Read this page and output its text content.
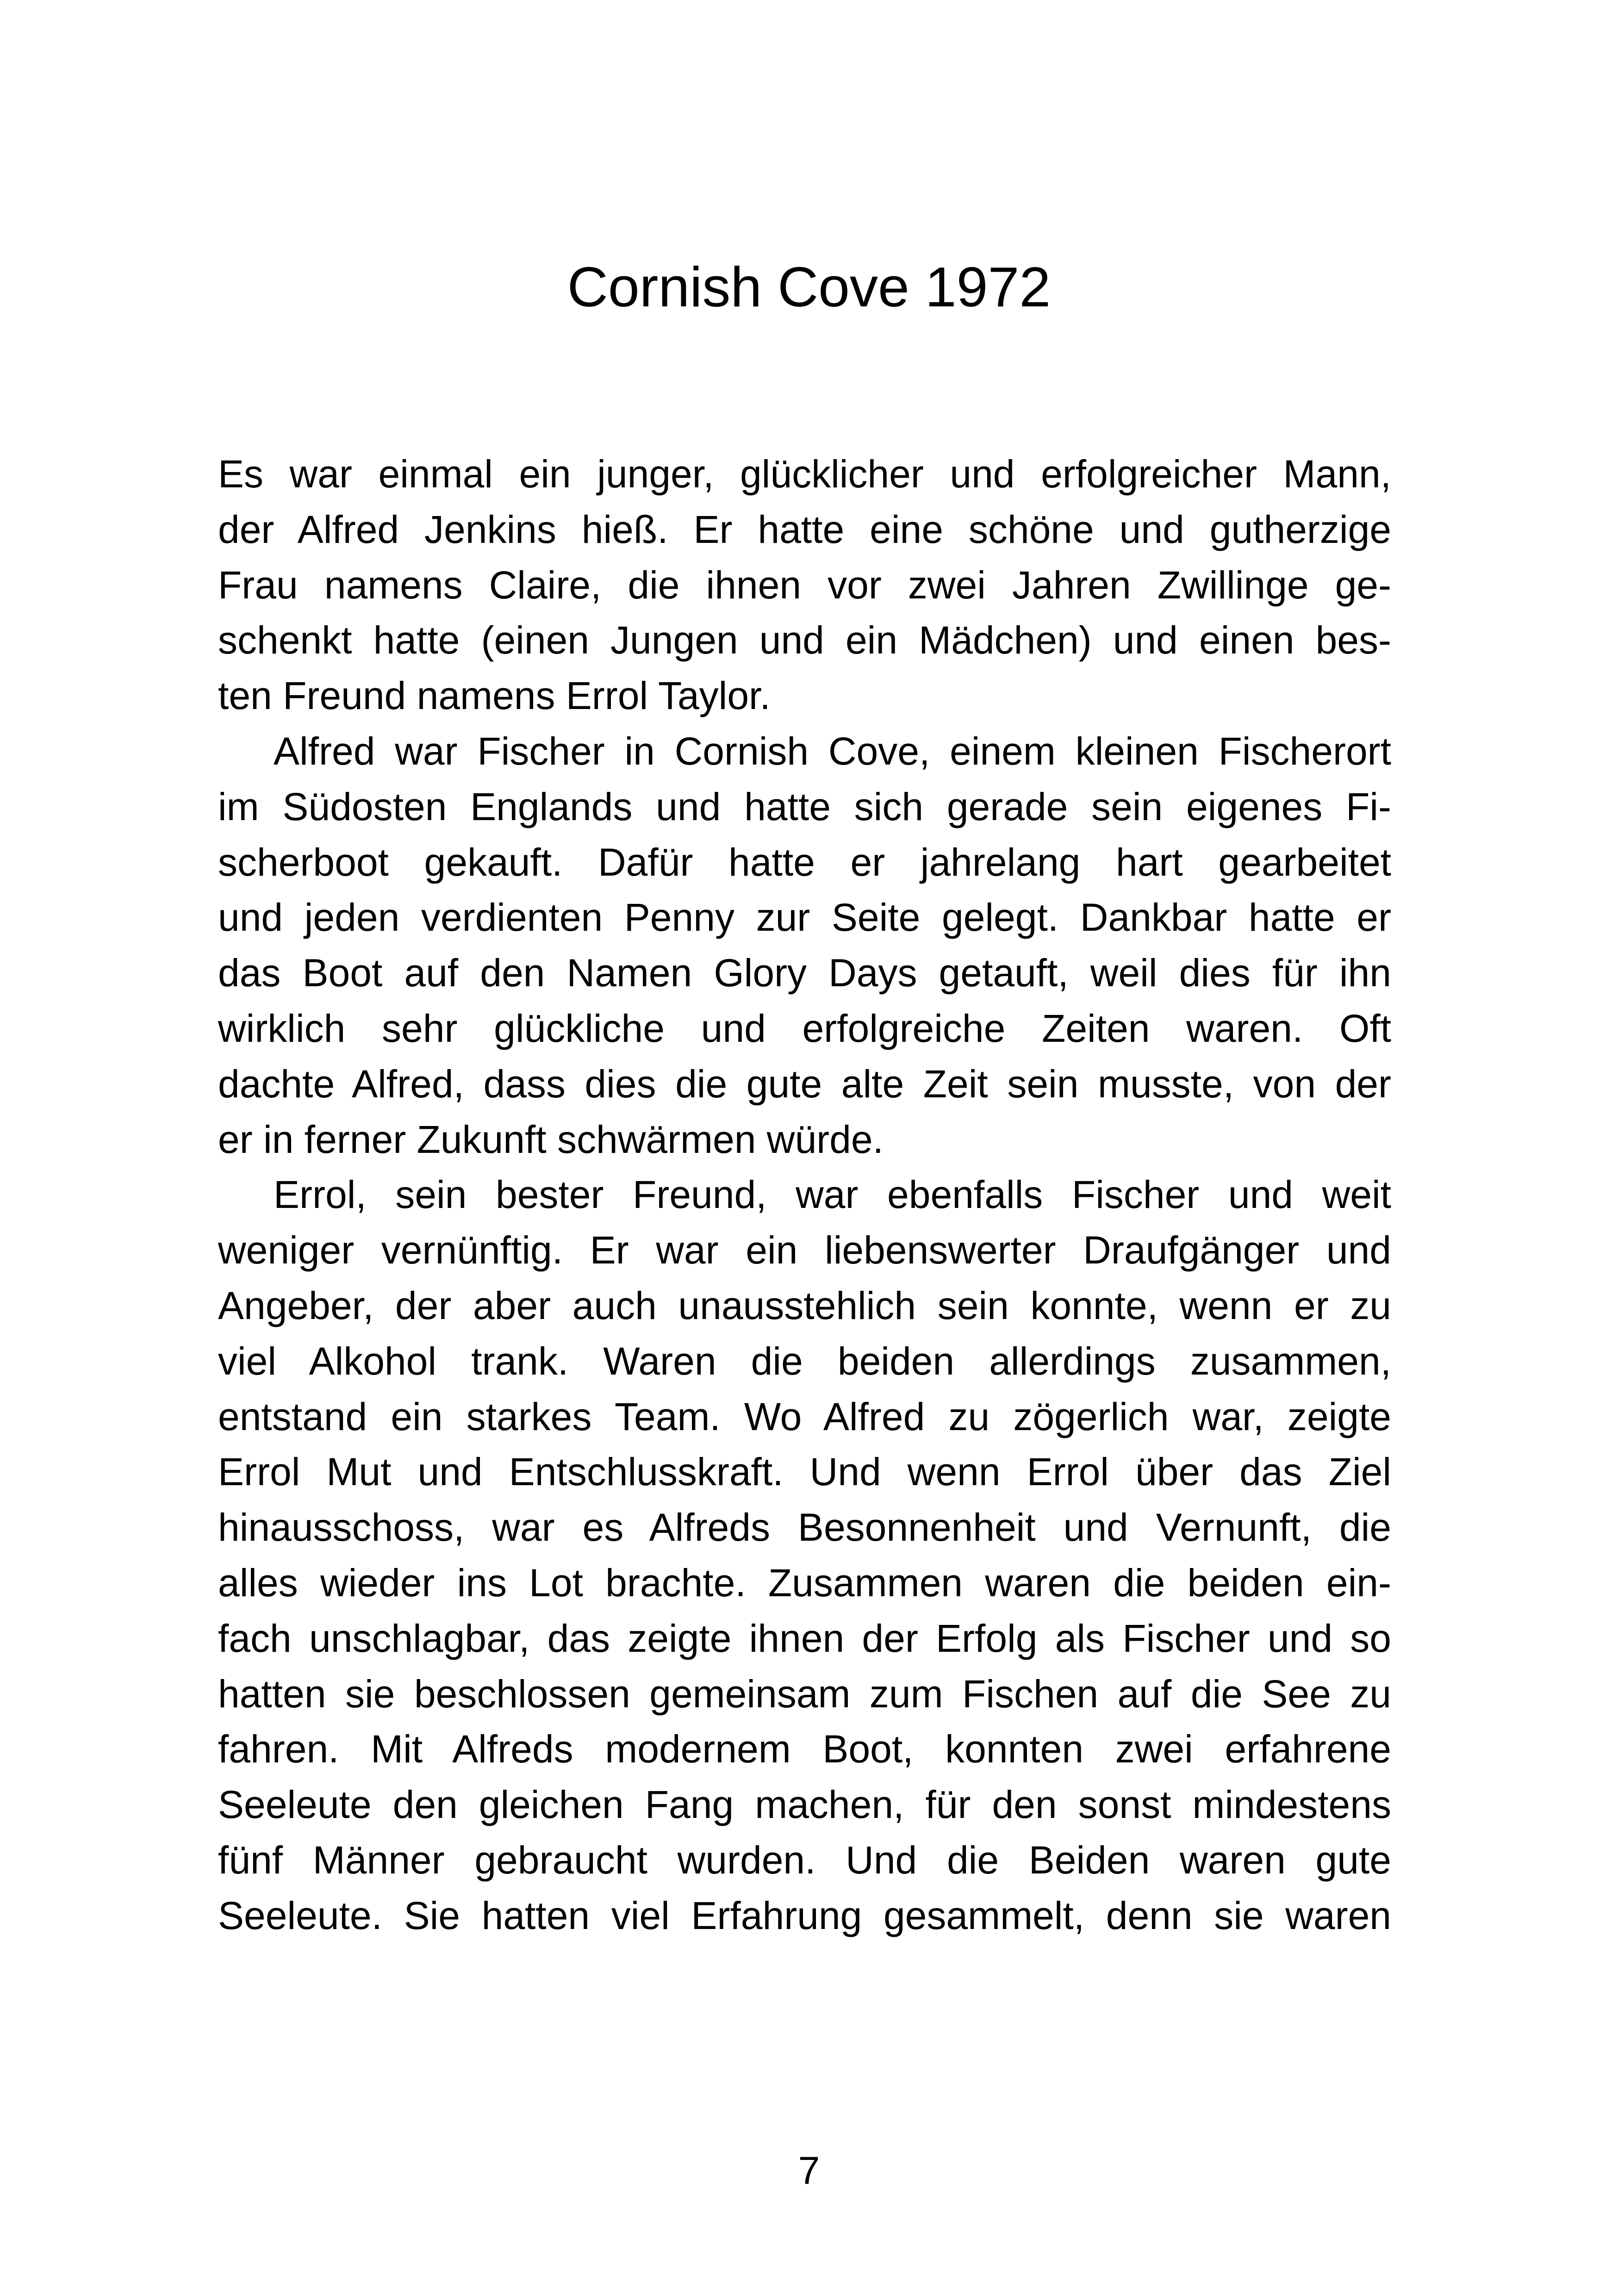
Cornish Cove 1972
Es war einmal ein junger, glücklicher und erfolgreicher Mann,
der Alfred Jenkins hieß. Er hatte eine schöne und gutherzige
Frau namens Claire, die ihnen vor zwei Jahren Zwillinge ge-
schenkt hatte (einen Jungen und ein Mädchen) und einen bes-
ten Freund namens Errol Taylor.
Alfred war Fischer in Cornish Cove, einem kleinen Fischerort
im Südosten Englands und hatte sich gerade sein eigenes Fi-
scherboot gekauft. Dafür hatte er jahrelang hart gearbeitet
und jeden verdienten Penny zur Seite gelegt. Dankbar hatte er
das Boot auf den Namen Glory Days getauft, weil dies für ihn
wirklich sehr glückliche und erfolgreiche Zeiten waren. Oft
dachte Alfred, dass dies die gute alte Zeit sein musste, von der
er in ferner Zukunft schwärmen würde.
Errol, sein bester Freund, war ebenfalls Fischer und weit
weniger vernünftig. Er war ein liebenswerter Draufgänger und
Angeber, der aber auch unausstehlich sein konnte, wenn er zu
viel Alkohol trank. Waren die beiden allerdings zusammen,
entstand ein starkes Team. Wo Alfred zu zögerlich war, zeigte
Errol Mut und Entschlusskraft. Und wenn Errol über das Ziel
hinausschoss, war es Alfreds Besonnenheit und Vernunft, die
alles wieder ins Lot brachte. Zusammen waren die beiden ein-
fach unschlagbar, das zeigte ihnen der Erfolg als Fischer und so
hatten sie beschlossen gemeinsam zum Fischen auf die See zu
fahren. Mit Alfreds modernem Boot, konnten zwei erfahrene
Seeleute den gleichen Fang machen, für den sonst mindestens
fünf Männer gebraucht wurden. Und die Beiden waren gute
Seeleute. Sie hatten viel Erfahrung gesammelt, denn sie waren
7
